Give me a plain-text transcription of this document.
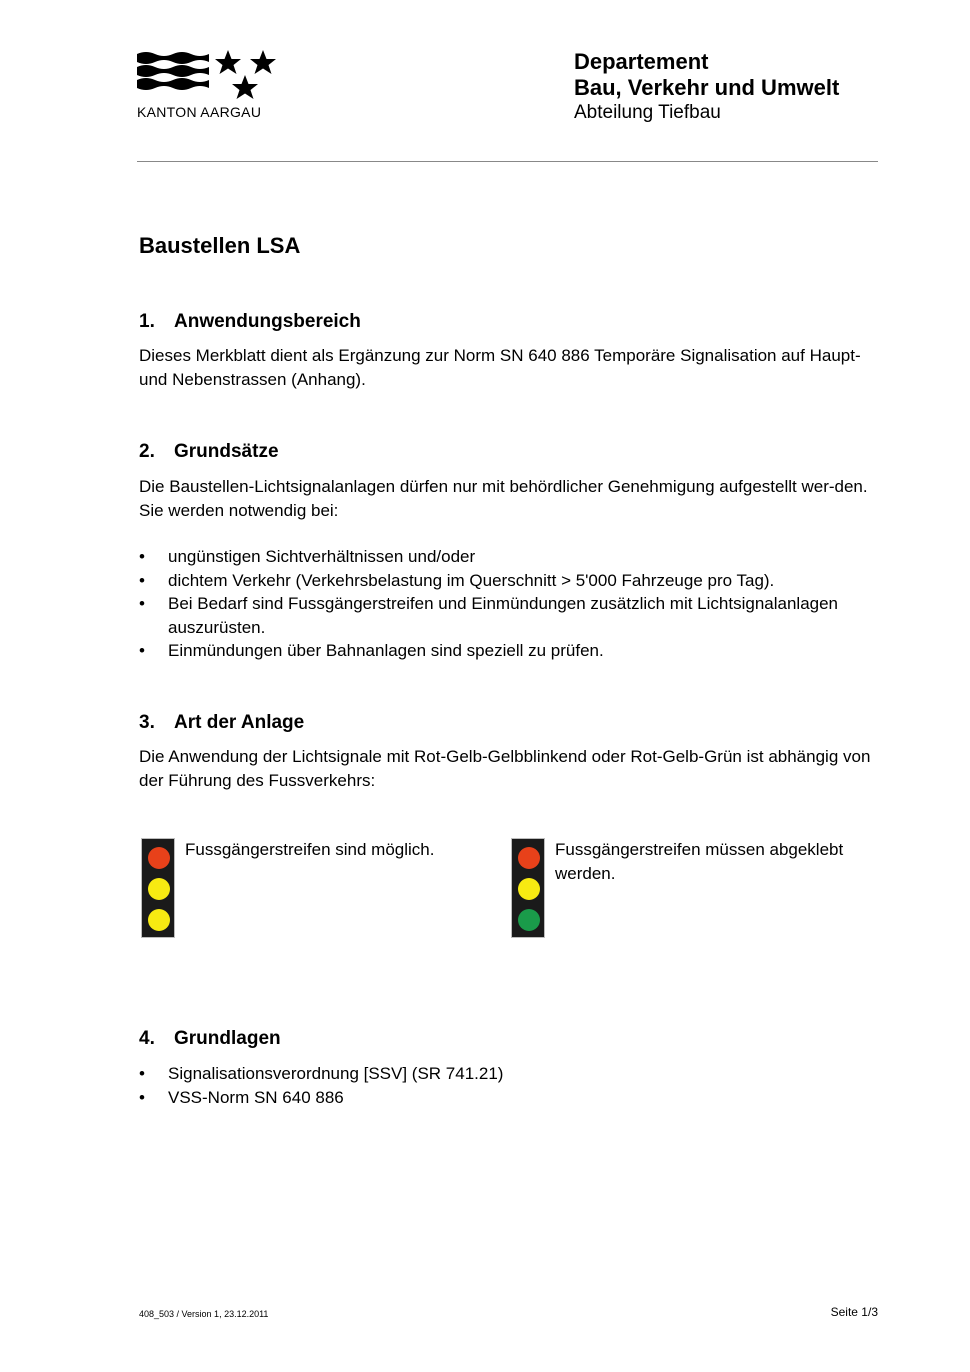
KANTON AARGAU
Departement
Bau, Verkehr und Umwelt
Abteilung Tiefbau
Baustellen LSA
1. Anwendungsbereich

Dieses Merkblatt dient als Ergänzung zur Norm SN 640 886 Temporäre Signalisation auf Haupt- und Nebenstrassen (Anhang).

2. Grundsätze

Die Baustellen-Lichtsignalanlagen dürfen nur mit behördlicher Genehmigung aufgestellt wer-den. Sie werden notwendig bei:

• ungünstigen Sichtverhältnissen und/oder
• dichtem Verkehr (Verkehrsbelastung im Querschnitt > 5'000 Fahrzeuge pro Tag).
• Bei Bedarf sind Fussgängerstreifen und Einmündungen zusätzlich mit Lichtsignalanlagen auszurüsten.
• Einmündungen über Bahnanlagen sind speziell zu prüfen.
3. Art der Anlage

Die Anwendung der Lichtsignale mit Rot-Gelb-Gelbblinkend oder Rot-Gelb-Grün ist abhängig von der Führung des Fussverkehrs:

Fussgängerstreifen sind möglich.	Fussgängerstreifen müssen abgeklebt werden.
4. Grundlagen
• Signalisationsverordnung [SSV] (SR 741.21)
• VSS-Norm SN 640 886
408_503 / Version 1, 23.12.2011	Seite 1/3
